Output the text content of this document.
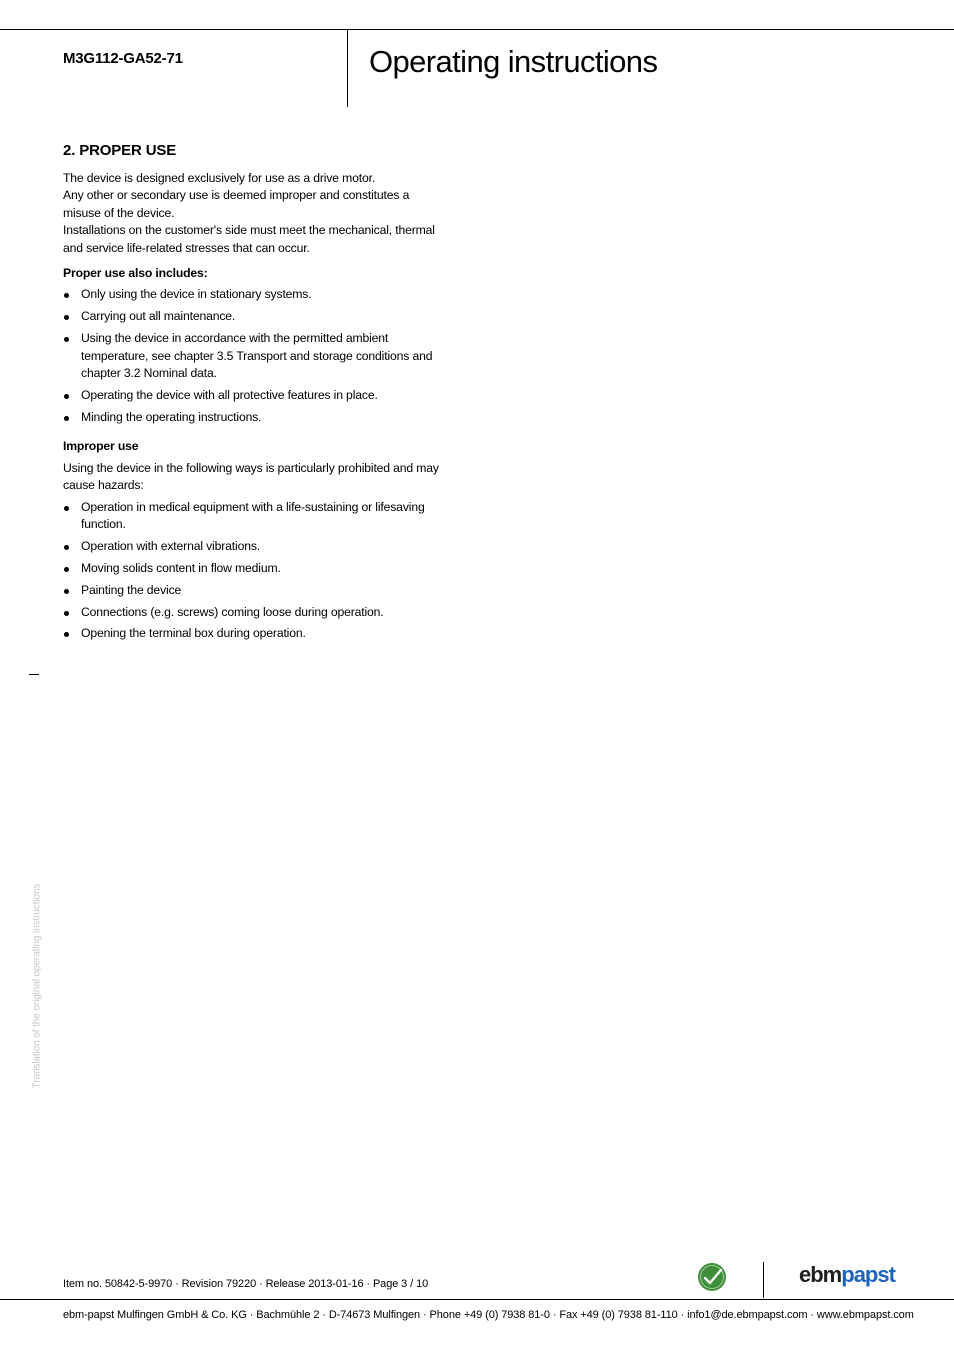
M3G112-GA52-71	Operating instructions
2. PROPER USE

The device is designed exclusively for use as a drive motor.

Any other or secondary use is deemed improper and constitutes a misuse of the device.

Installations on the customer's side must meet the mechanical, thermal and service life-related stresses that can occur.

Proper use also includes:
Only using the device in stationary systems.
Carrying out all maintenance.
Using the device in accordance with the permitted ambient temperature, see chapter 3.5 Transport and storage conditions and chapter 3.2 Nominal data.
Operating the device with all protective features in place.
Minding the operating instructions.
Improper use

Using the device in the following ways is particularly prohibited and may cause hazards:

Operation in medical equipment with a life-sustaining or lifesaving function.
Operation with external vibrations.
Moving solids content in flow medium.
Painting the device
Connections (e.g. screws) coming loose during operation.
Opening the terminal box during operation.
Translation of the original operating instructions
Item no. 50842-5-9970 · Revision 79220 · Release 2013-01-16 · Page 3 / 10	ebmpapst
ebm-papst Mulfingen GmbH & Co. KG · Bachmühle 2 · D-74673 Mulfingen · Phone +49 (0) 7938 81-0 · Fax +49 (0) 7938 81-110 · info1@de.ebmpapst.com · www.ebmpapst.com
